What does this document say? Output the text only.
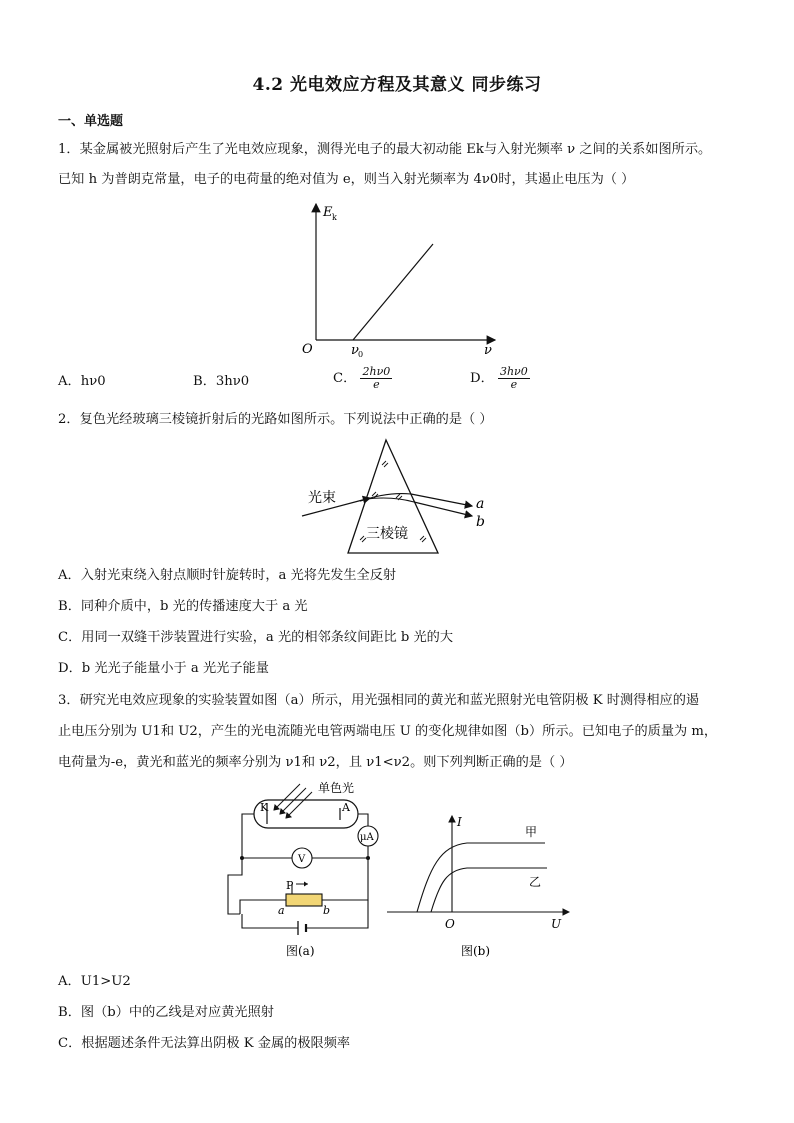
4.2 光电效应方程及其意义 同步练习
一、单选题
1．某金属被光照射后产生了光电效应现象，测得光电子的最大初动能 Ek与入射光频率 ν 之间的关系如图所示。
已知 h 为普朗克常量，电子的电荷量的绝对值为 e，则当入射光频率为 4ν0时，其遏止电压为（ ）
E k
O	ν 0	ν
A．hν0	B．3hν0	C． $\frac{2h\nu 0}{e}$	D． $\frac{3h\nu 0}{e}$
2．复色光经玻璃三棱镜折射后的光路如图所示。下列说法中正确的是（ ）
光束
三棱镜
a
b
A．入射光束绕入射点顺时针旋转时，a 光将先发生全反射
B．同种介质中，b 光的传播速度大于 a 光
C．用同一双缝干涉装置进行实验，a 光的相邻条纹间距比 b 光的大
D．b 光光子能量小于 a 光光子能量
3．研究光电效应现象的实验装置如图（a）所示，用光强相同的黄光和蓝光照射光电管阴极 K 时测得相应的遏
止电压分别为 U1和 U2，产生的光电流随光电管两端电压 U 的变化规律如图（b）所示。已知电子的质量为 m，
电荷量为-e，黄光和蓝光的频率分别为 ν1和 ν2，且 ν1<ν2。则下列判断正确的是（ ）
K	A
单色光
μA
V
P
a	b
图(a)
I
甲
乙
O	U
图(b)
A．U1>U2
B．图（b）中的乙线是对应黄光照射
C．根据题述条件无法算出阴极 K 金属的极限频率
